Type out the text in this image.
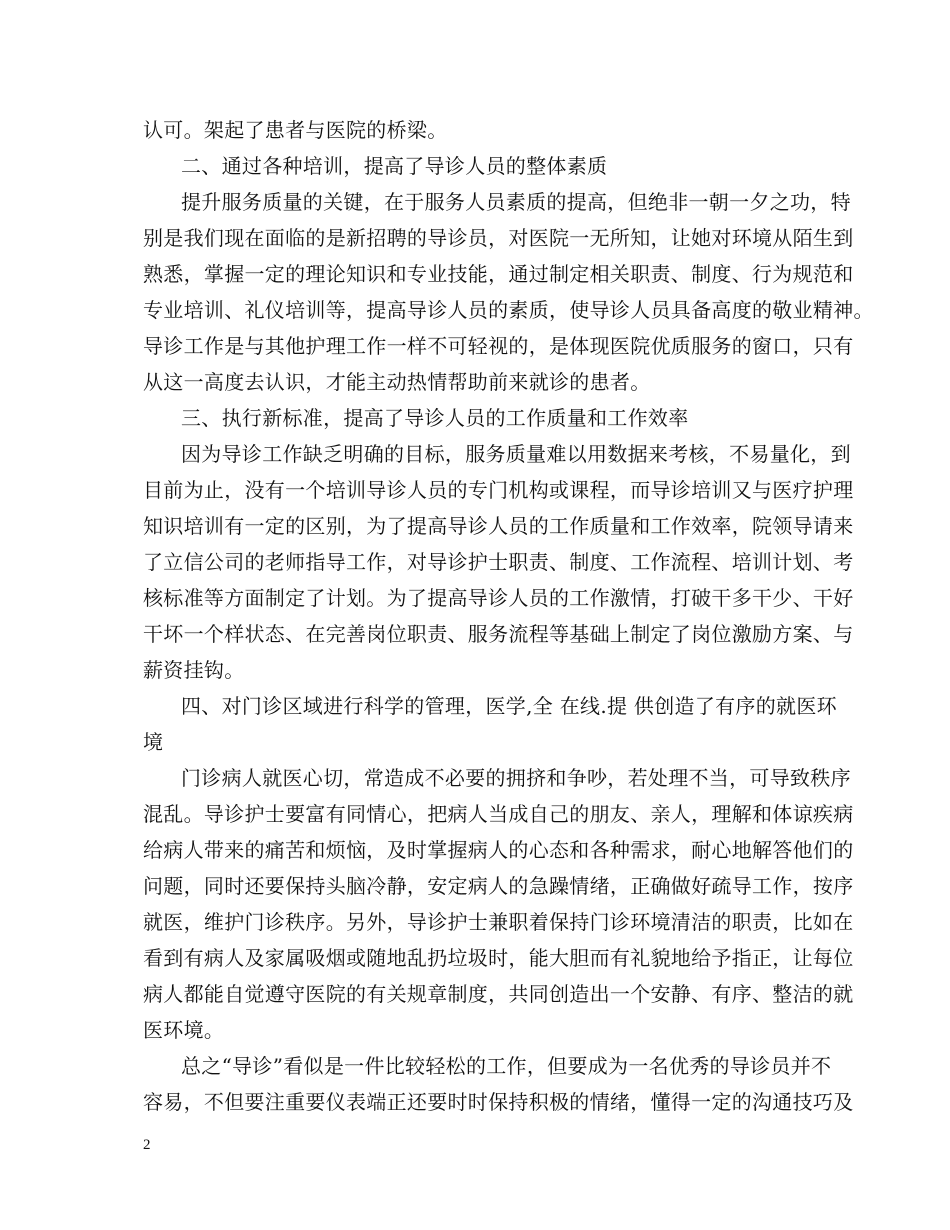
认可。架起了患者与医院的桥梁。
二、通过各种培训，提高了导诊人员的整体素质
提升服务质量的关键，在于服务人员素质的提高，但绝非一朝一夕之功，特
别是我们现在面临的是新招聘的导诊员，对医院一无所知，让她对环境从陌生到
熟悉，掌握一定的理论知识和专业技能，通过制定相关职责、制度、行为规范和
专业培训、礼仪培训等，提高导诊人员的素质，使导诊人员具备高度的敬业精神。
导诊工作是与其他护理工作一样不可轻视的，是体现医院优质服务的窗口，只有
从这一高度去认识，才能主动热情帮助前来就诊的患者。
三、执行新标准，提高了导诊人员的工作质量和工作效率
因为导诊工作缺乏明确的目标，服务质量难以用数据来考核，不易量化，到
目前为止，没有一个培训导诊人员的专门机构或课程，而导诊培训又与医疗护理
知识培训有一定的区别，为了提高导诊人员的工作质量和工作效率，院领导请来
了立信公司的老师指导工作，对导诊护士职责、制度、工作流程、培训计划、考
核标准等方面制定了计划。为了提高导诊人员的工作激情，打破干多干少、干好
干坏一个样状态、在完善岗位职责、服务流程等基础上制定了岗位激励方案、与
薪资挂钩。
四、对门诊区域进行科学的管理，医学,全 在线.提 供创造了有序的就医环
境
门诊病人就医心切，常造成不必要的拥挤和争吵，若处理不当，可导致秩序
混乱。导诊护士要富有同情心，把病人当成自己的朋友、亲人，理解和体谅疾病
给病人带来的痛苦和烦恼，及时掌握病人的心态和各种需求，耐心地解答他们的
问题，同时还要保持头脑冷静，安定病人的急躁情绪，正确做好疏导工作，按序
就医，维护门诊秩序。另外，导诊护士兼职着保持门诊环境清洁的职责，比如在
看到有病人及家属吸烟或随地乱扔垃圾时，能大胆而有礼貌地给予指正，让每位
病人都能自觉遵守医院的有关规章制度，共同创造出一个安静、有序、整洁的就
医环境。
总之“导诊”看似是一件比较轻松的工作，但要成为一名优秀的导诊员并不
容易，不但要注重要仪表端正还要时时保持积极的情绪，懂得一定的沟通技巧及
2
